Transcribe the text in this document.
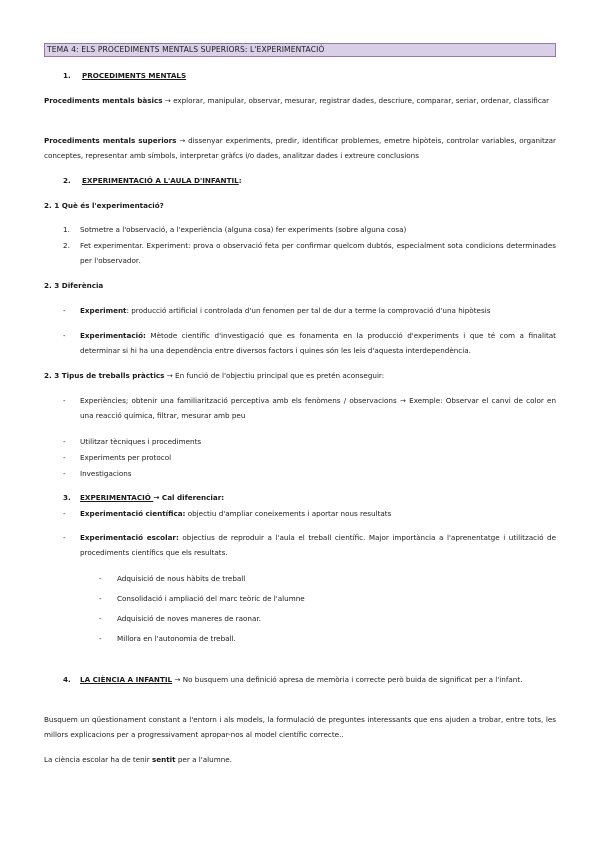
TEMA 4: ELS PROCEDIMENTS MENTALS SUPERIORS: L'EXPERIMENTACIÓ
1. PROCEDIMENTS MENTALS
Procediments mentals bàsics → explorar, manipular, observar, mesurar, registrar dades, descriure, comparar, seriar, ordenar, classificar
Procediments mentals superiors → dissenyar experiments, predir, identificar problemes, emetre hipòteis, controlar variables, organitzar conceptes, representar amb símbols, interpretar gràfcs i/o dades, analitzar dades i extreure conclusions
2. EXPERIMENTACIÓ A L'AULA D'INFANTIL:
2. 1 Què és l'experimentació?
1. Sotmetre a l'observació, a l'experiència (alguna cosa) fer experiments (sobre alguna cosa)
2. Fet experimentar. Experiment: prova o observació feta per confirmar quelcom dubtós, especialment sota condicions determinades per l'observador.
2. 3 Diferència
- Experiment: producció artificial i controlada d'un fenomen per tal de dur a terme la comprovació d'una hipòtesis
- Experimentació: Mètode científic d'investigació que es fonamenta en la producció d'experiments i que té com a finalitat determinar si hi ha una dependència entre diversos factors i quines són les leis d'aquesta interdependència.
2. 3 Tipus de treballs pràctics → En funció de l'objectiu principal que es pretén aconseguir:
- Experiències; obtenir una familiarització perceptiva amb els fenòmens / observacions → Exemple: Observar el canvi de color en una reacció química, filtrar, mesurar amb peu
- Utilitzar tècniques i procediments
- Experiments per protocol
- Investigacions
3. EXPERIMENTACIÓ → Cal diferenciar:
- Experimentació científica: objectiu d'ampliar coneixements i aportar nous resultats
- Experimentació escolar: objectius de reproduir a l'aula el treball científic. Major importància a l'aprenentatge i utilització de procediments científics que els resultats.
- Adquisició de nous hàbits de treball
- Consolidació i ampliació del marc teòric de l'alumne
- Adquisició de noves maneres de raonar.
- Millora en l'autonomia de treball.
4. LA CIÈNCIA A INFANTIL → No busquem una definició apresa de memòria i correcte però buida de significat per a l'infant.
Busquem un qüestionament constant a l'entorn i als models, la formulació de preguntes interessants que ens ajuden a trobar, entre tots, les millors explicacions per a progressivament apropar-nos al model científic correcte..
La ciència escolar ha de tenir sentit per a l'alumne.
